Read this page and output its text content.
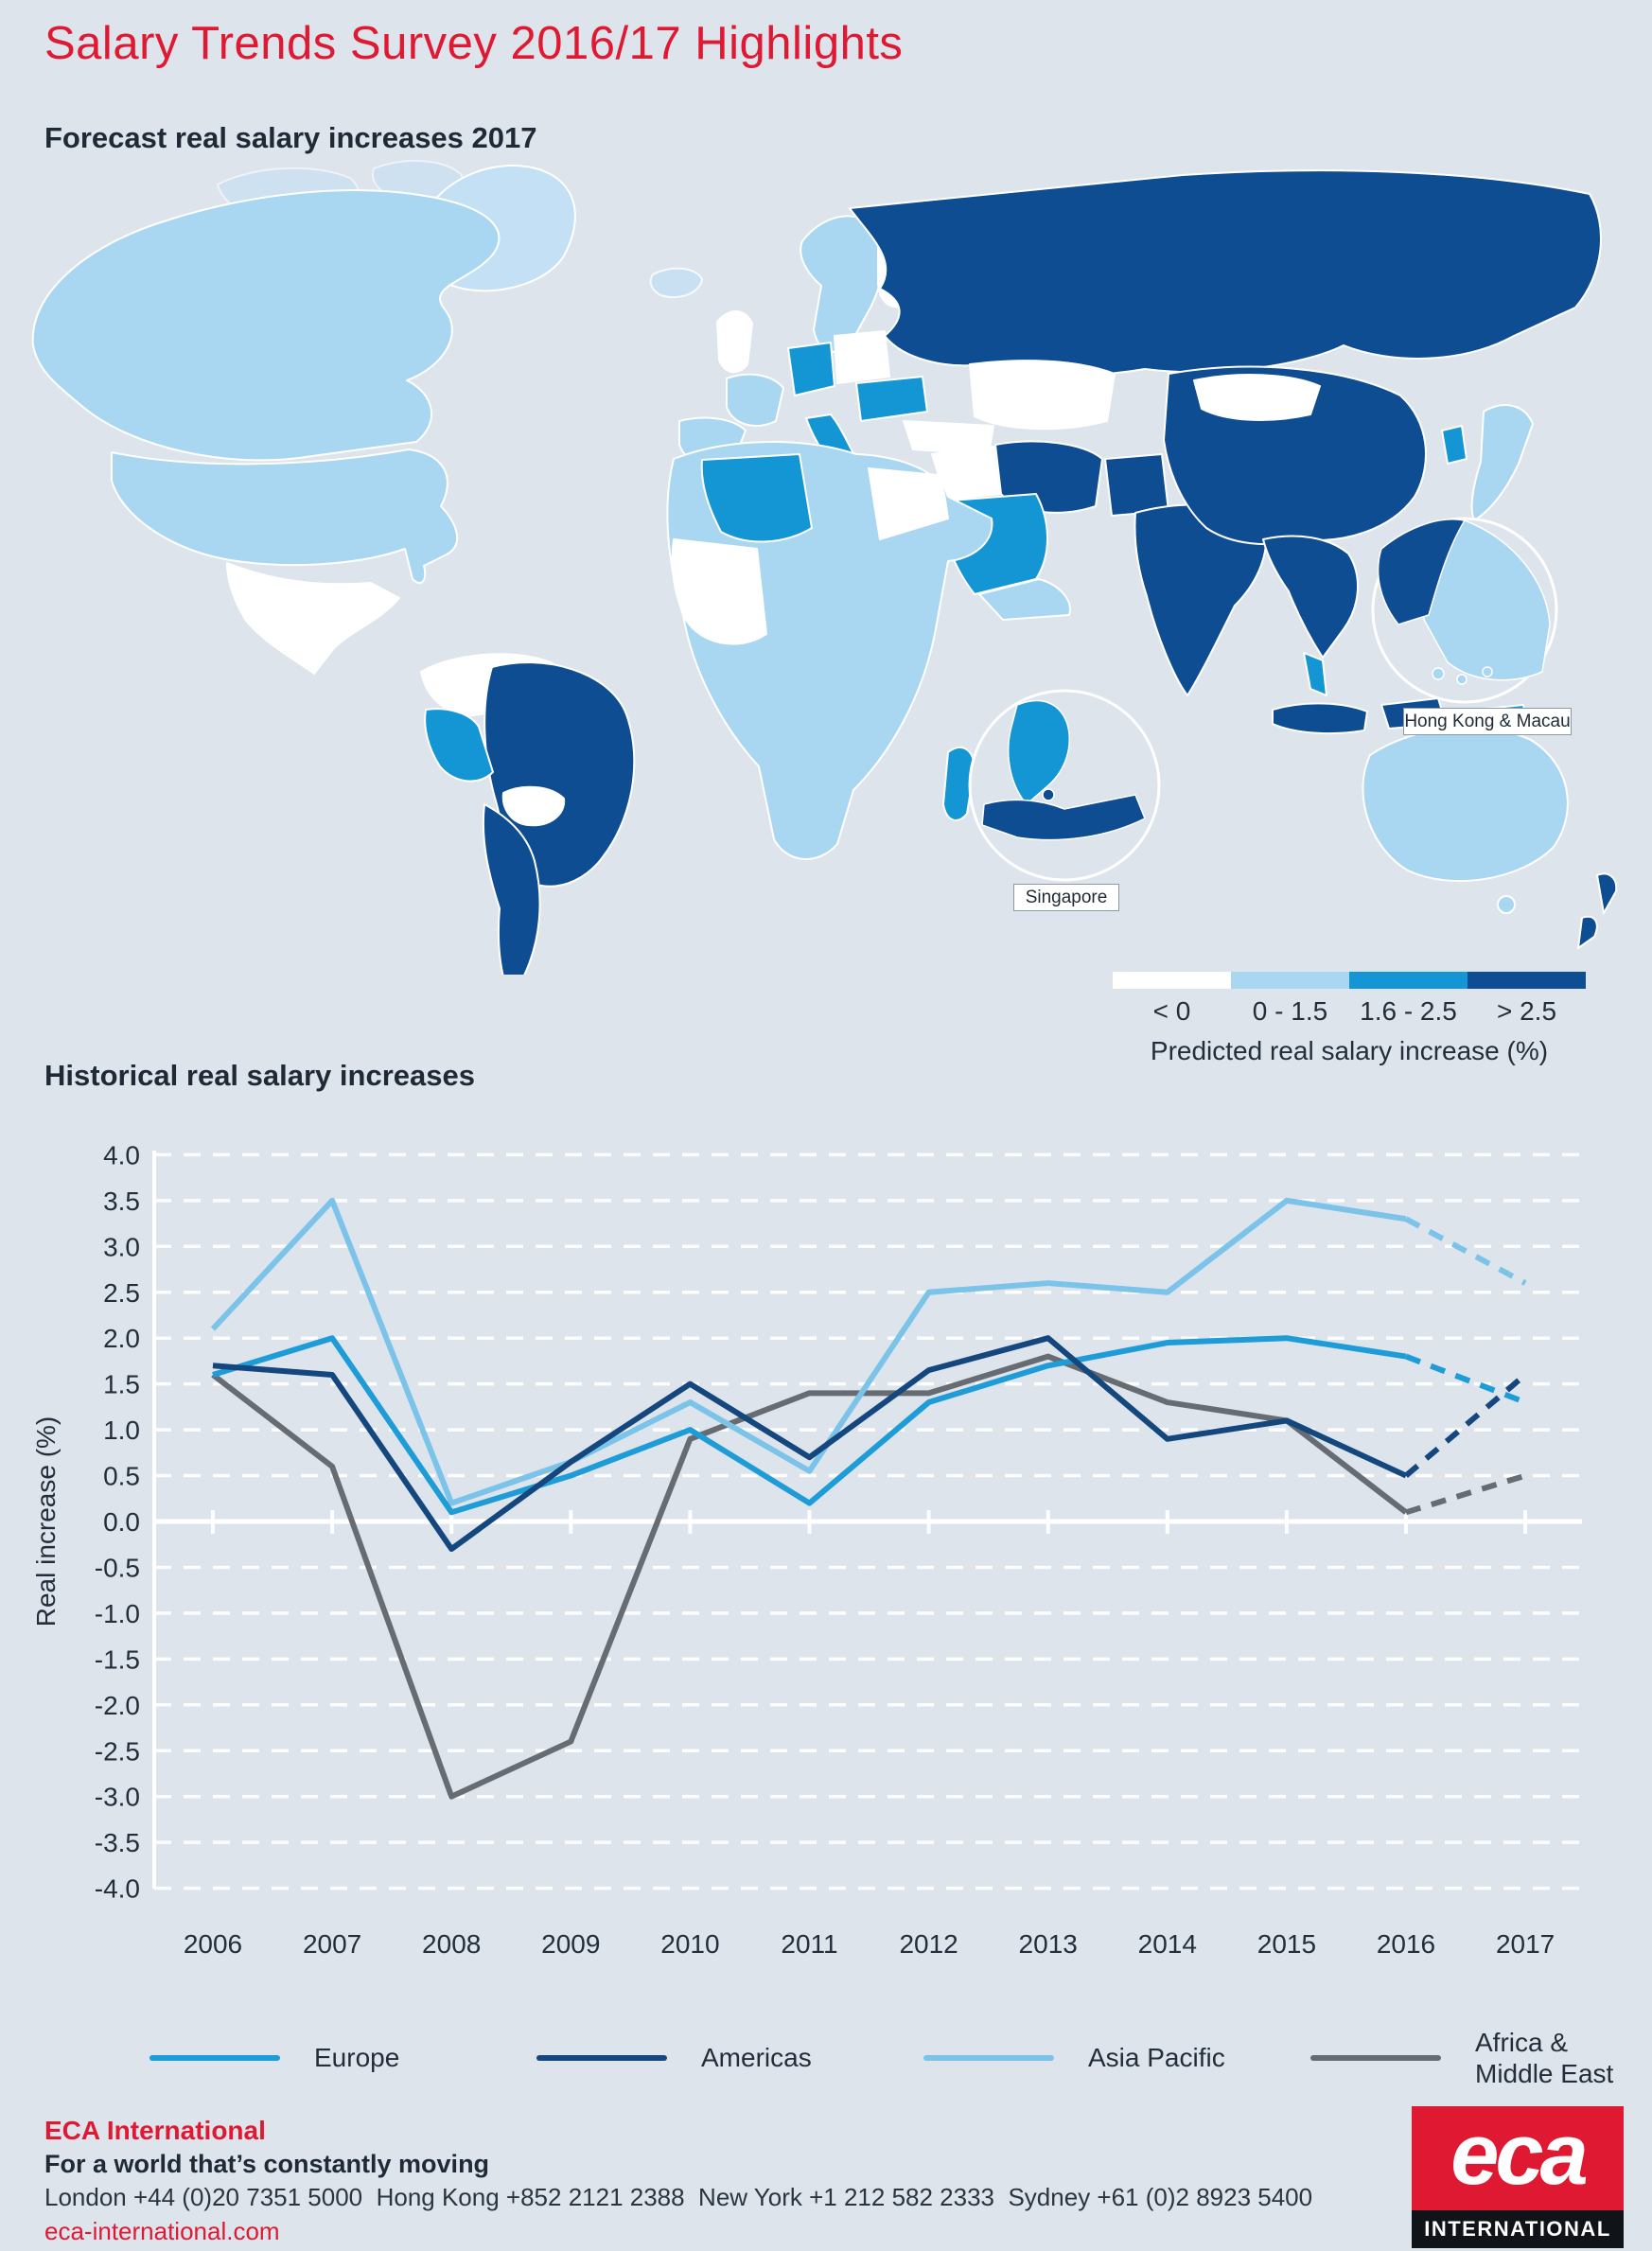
Salary Trends Survey 2016/17 Highlights
Forecast real salary increases 2017
Singapore
Hong Kong & Macau
< 0	0 - 1.5	1.6 - 2.5	> 2.5
Predicted real salary increase (%)
Historical real salary increases
4.0
3.5
3.0
2.5
2.0
1.5
1.0
0.5
0.0
-0.5
-1.0
-1.5
-2.0
-2.5
-3.0
-3.5
-4.0
2006 2007 2008 2009 2010 2011 2012 2013 2014 2015 2016 2017
Real increase (%)
Europe	Americas	Asia Pacific
Africa & Middle East
ECA International
For a world that’s constantly moving
London +44 (0)20 7351 5000  Hong Kong +852 2121 2388  New York +1 212 582 2333  Sydney +61 (0)2 8923 5400
eca-international.com
eca
INTERNATIONAL
